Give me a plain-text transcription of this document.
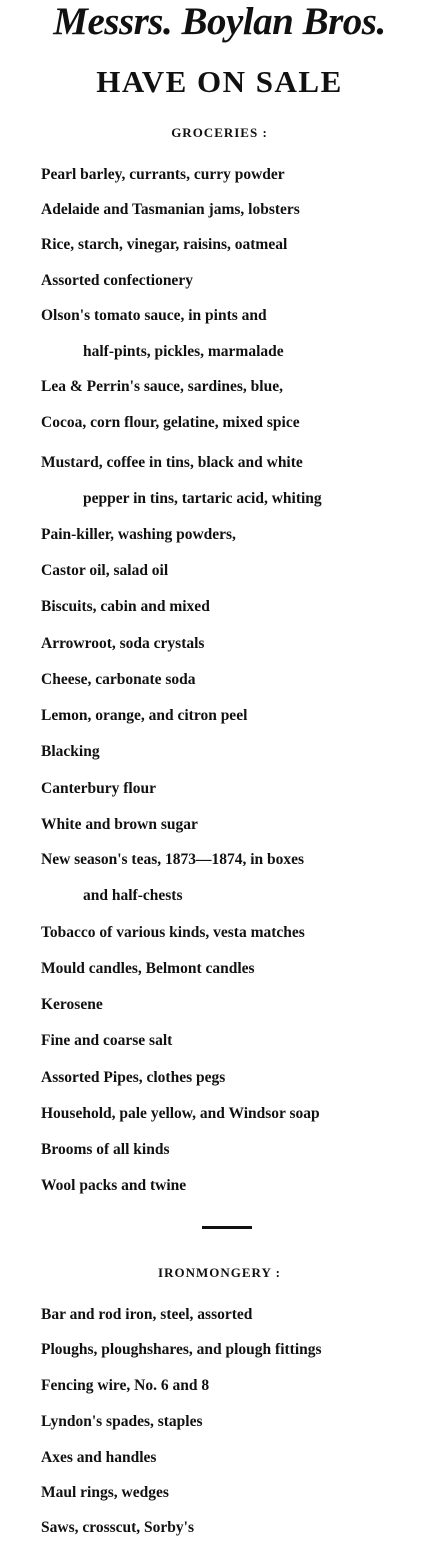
Messrs. Boylan Bros.
HAVE ON SALE
GROCERIES :
Pearl barley, currants, curry powder
Adelaide and Tasmanian jams, lobsters
Rice, starch, vinegar, raisins, oatmeal
Assorted confectionery
Olson's tomato sauce, in pints and
half-pints, pickles, marmalade
Lea & Perrin's sauce, sardines, blue,
Cocoa, corn flour, gelatine, mixed spice
Mustard, coffee in tins, black and white
pepper in tins, tartaric acid, whiting
Pain-killer, washing powders,
Castor oil, salad oil
Biscuits, cabin and mixed
Arrowroot, soda crystals
Cheese, carbonate soda
Lemon, orange, and citron peel
Blacking
Canterbury flour
White and brown sugar
New season's teas, 1873—1874, in boxes
and half-chests
Tobacco of various kinds, vesta matches
Mould candles, Belmont candles
Kerosene
Fine and coarse salt
Assorted Pipes, clothes pegs
Household, pale yellow, and Windsor soap
Brooms of all kinds
Wool packs and twine
IRONMONGERY :
Bar and rod iron, steel, assorted
Ploughs, ploughshares, and plough fittings
Fencing wire, No. 6 and 8
Lyndon's spades, staples
Axes and handles
Maul rings, wedges
Saws, crosscut, Sorby's
